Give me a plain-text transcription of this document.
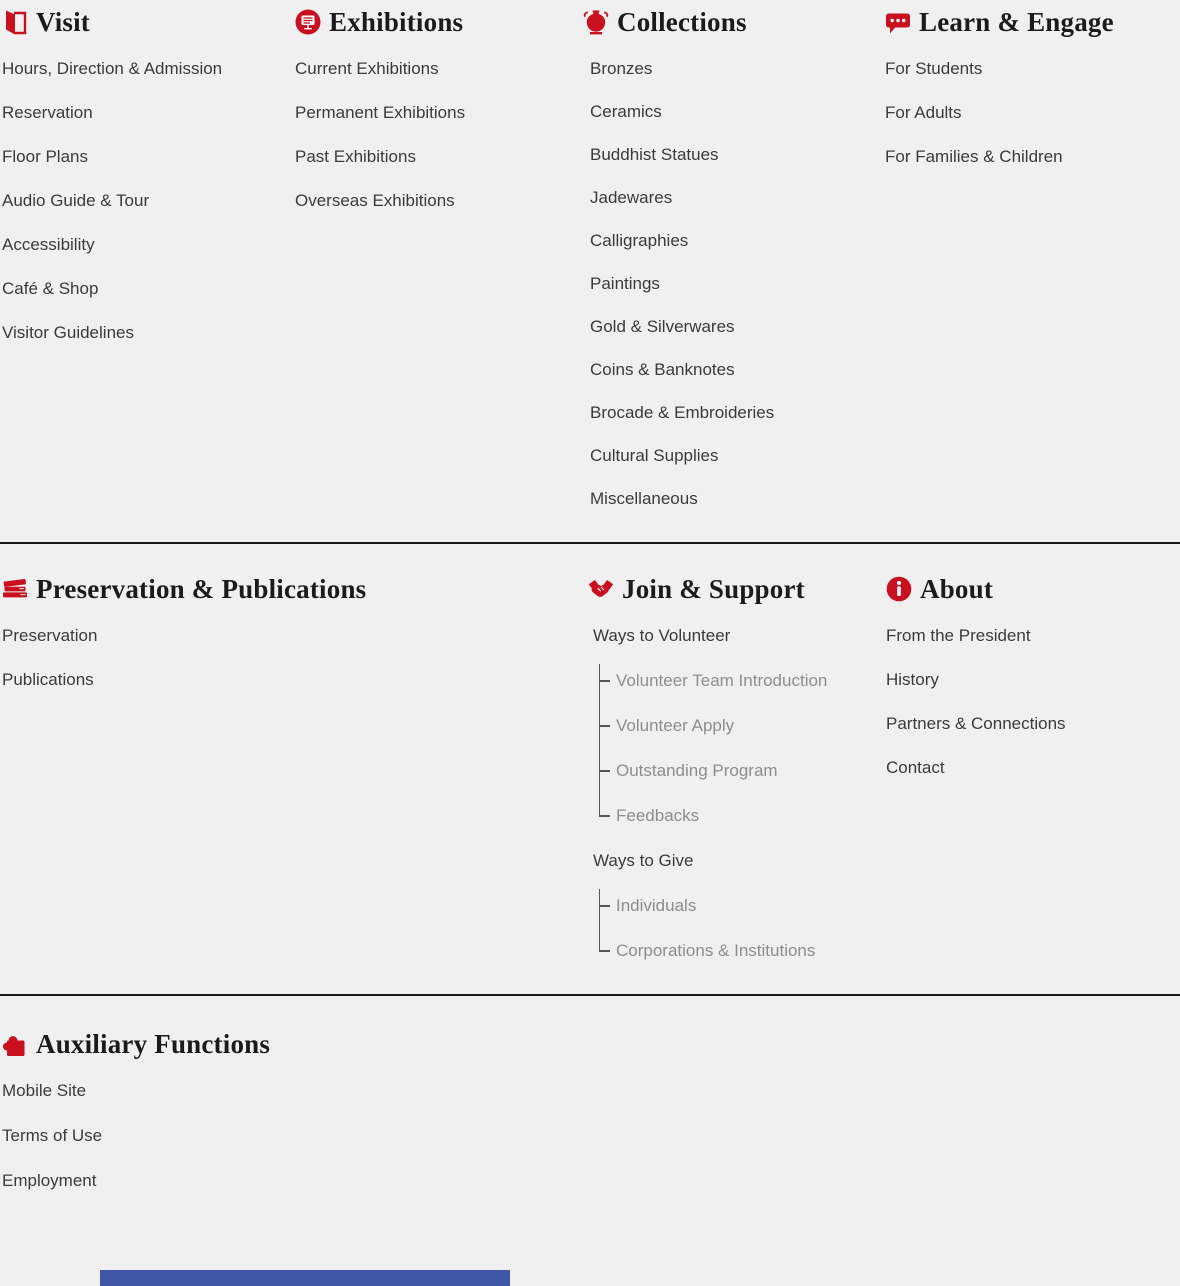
Visit
Hours, Direction & Admission
Reservation
Floor Plans
Audio Guide & Tour
Accessibility
Café & Shop
Visitor Guidelines
Exhibitions
Current Exhibitions
Permanent Exhibitions
Past Exhibitions
Overseas Exhibitions
Collections
Bronzes
Ceramics
Buddhist Statues
Jadewares
Calligraphies
Paintings
Gold & Silverwares
Coins & Banknotes
Brocade & Embroideries
Cultural Supplies
Miscellaneous
Learn & Engage
For Students
For Adults
For Families & Children
Preservation & Publications
Preservation
Publications
Join & Support
Ways to Volunteer
Volunteer Team Introduction
Volunteer Apply
Outstanding Program
Feedbacks
Ways to Give
Individuals
Corporations & Institutions
About
From the President
History
Partners & Connections
Contact
Auxiliary Functions
Mobile Site
Terms of Use
Employment
